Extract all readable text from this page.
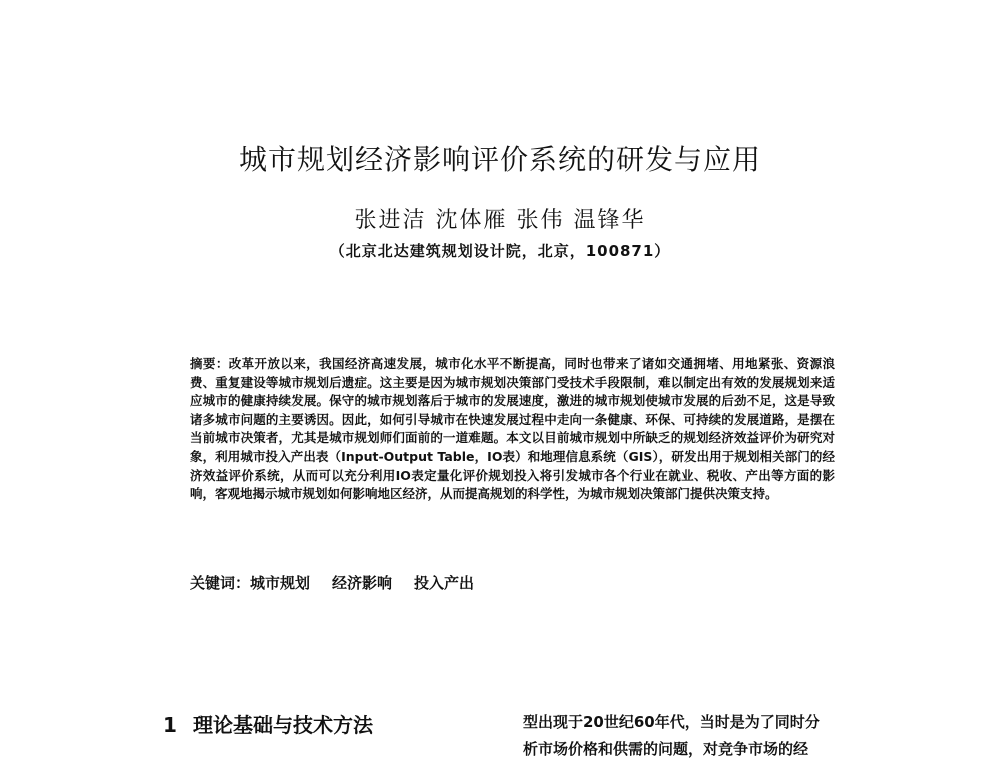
城市规划经济影响评价系统的研发与应用

张进洁 沈体雁 张伟 温锋华

（北京北达建筑规划设计院，北京，100871）

摘要：改革开放以来，我国经济高速发展，城市化水平不断提高，同时也带来了诸如交通拥堵、用地紧张、资源浪费、重复建设等城市规划后遗症。这主要是因为城市规划决策部门受技术手段限制，难以制定出有效的发展规划来适应城市的健康持续发展。保守的城市规划落后于城市的发展速度，激进的城市规划使城市发展的后劲不足，这是导致诸多城市问题的主要诱因。因此，如何引导城市在快速发展过程中走向一条健康、环保、可持续的发展道路，是摆在当前城市决策者，尤其是城市规划师们面前的一道难题。本文以目前城市规划中所缺乏的规划经济效益评价为研究对象，利用城市投入产出表（Input-Output Table，IO表）和地理信息系统（GIS），研发出用于规划相关部门的经济效益评价系统，从而可以充分利用IO表定量化评价规划投入将引发城市各个行业在就业、税收、产出等方面的影响，客观地揭示城市规划如何影响地区经济，从而提高规划的科学性，为城市规划决策部门提供决策支持。

关键词：城市规划 经济影响 投入产出

1 理论基础与技术方法	型出现于20世纪60年代，当时是为了同时分
析市场价格和供需的问题，对竞争市场的经
